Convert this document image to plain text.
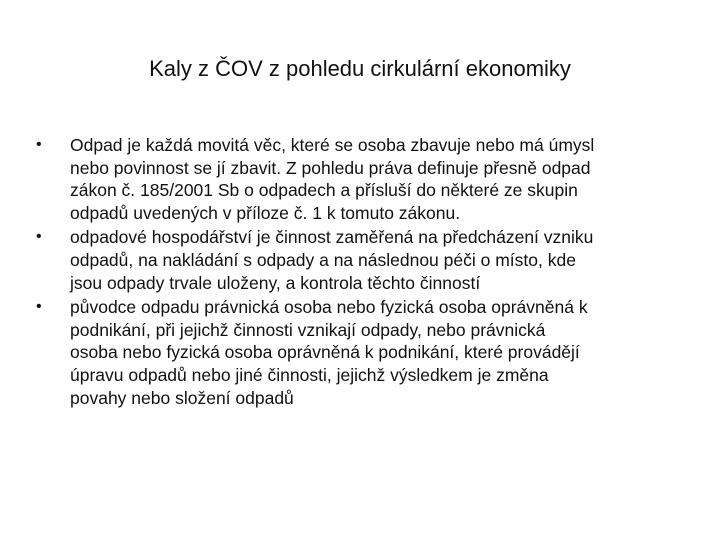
Kaly z ČOV z pohledu cirkulární ekonomiky
•	Odpad je každá movitá věc, které se osoba zbavuje nebo má úmysl
nebo povinnost se jí zbavit. Z pohledu práva definuje přesně odpad
zákon č. 185/2001 Sb o odpadech a přísluší do některé ze skupin
odpadů uvedených v příloze č. 1 k tomuto zákonu.
•	odpadové hospodářství je činnost zaměřená na předcházení vzniku
odpadů, na nakládání s odpady a na následnou péči o místo, kde
jsou odpady trvale uloženy, a kontrola těchto činností
•	původce odpadu právnická osoba nebo fyzická osoba oprávněná k
podnikání, při jejichž činnosti vznikají odpady, nebo právnická
osoba nebo fyzická osoba oprávněná k podnikání, které provádějí
úpravu odpadů nebo jiné činnosti, jejichž výsledkem je změna
povahy nebo složení odpadů
